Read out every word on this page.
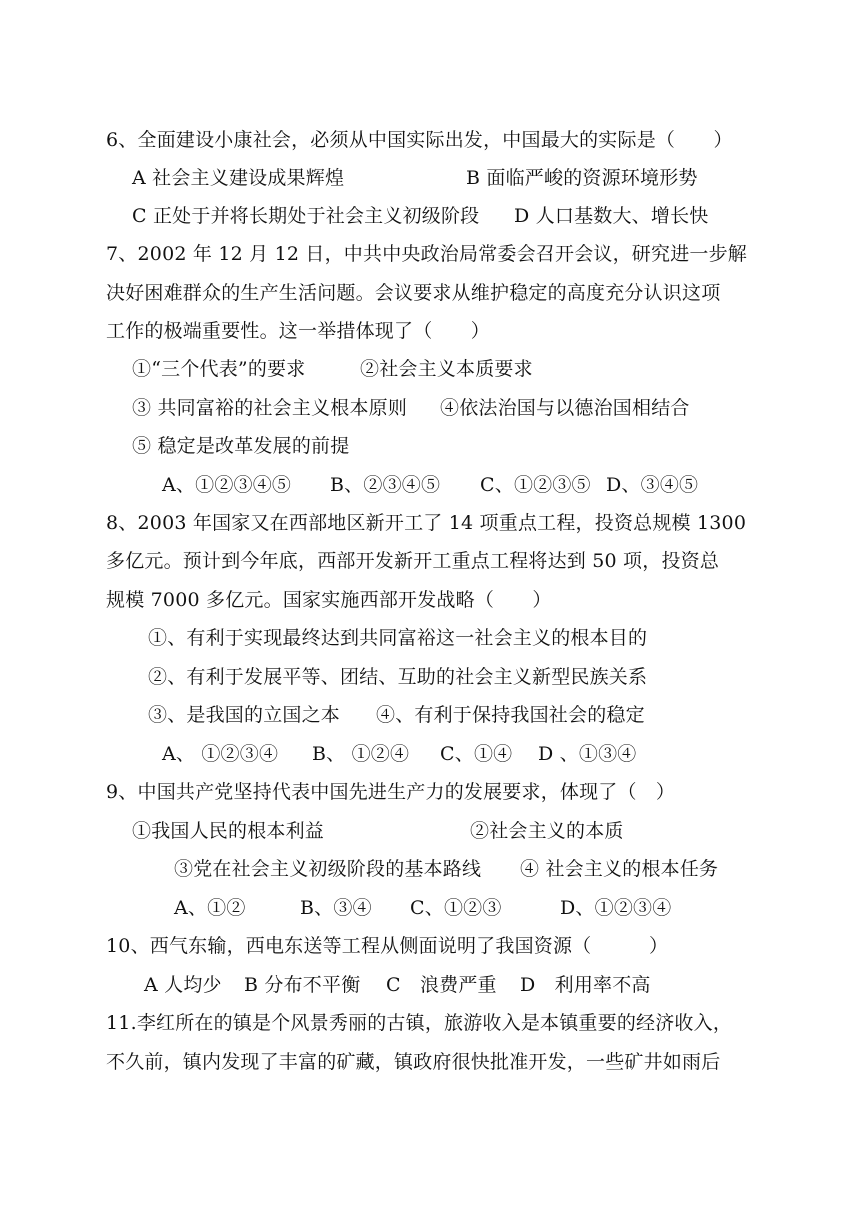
6、全面建设小康社会，必须从中国实际出发，中国最大的实际是（　　）
A 社会主义建设成果辉煌	B 面临严峻的资源环境形势
C 正处于并将长期处于社会主义初级阶段 D 人口基数大、增长快
7、2002 年 12 月 12 日，中共中央政治局常委会召开会议，研究进一步解
决好困难群众的生产生活问题。会议要求从维护稳定的高度充分认识这项
工作的极端重要性。这一举措体现了（　　）
①“三个代表”的要求	②社会主义本质要求
③ 共同富裕的社会主义根本原则 ④依法治国与以德治国相结合
⑤ 稳定是改革发展的前提
A、①②③④⑤ B、②③④⑤ C、①②③⑤ D、③④⑤
8、2003 年国家又在西部地区新开工了 14 项重点工程，投资总规模 1300
多亿元。预计到今年底，西部开发新开工重点工程将达到 50 项，投资总
规模 7000 多亿元。国家实施西部开发战略（　　）
①、有利于实现最终达到共同富裕这一社会主义的根本目的
②、有利于发展平等、团结、互助的社会主义新型民族关系
③、是我国的立国之本 ④、有利于保持我国社会的稳定
A、 ①②③④ B、 ①②④ C、①④ D 、①③④
9、中国共产党坚持代表中国先进生产力的发展要求，体现了（　）
①我国人民的根本利益	②社会主义的本质
③党在社会主义初级阶段的基本路线 ④ 社会主义的根本任务
A、①②	B、③④ C、①②③	D、①②③④
10、西气东输，西电东送等工程从侧面说明了我国资源（　　　）
A 人均少 B 分布不平衡 C　浪费严重 D　利用率不高
11.李红所在的镇是个风景秀丽的古镇，旅游收入是本镇重要的经济收入，
不久前，镇内发现了丰富的矿藏，镇政府很快批准开发，一些矿井如雨后
